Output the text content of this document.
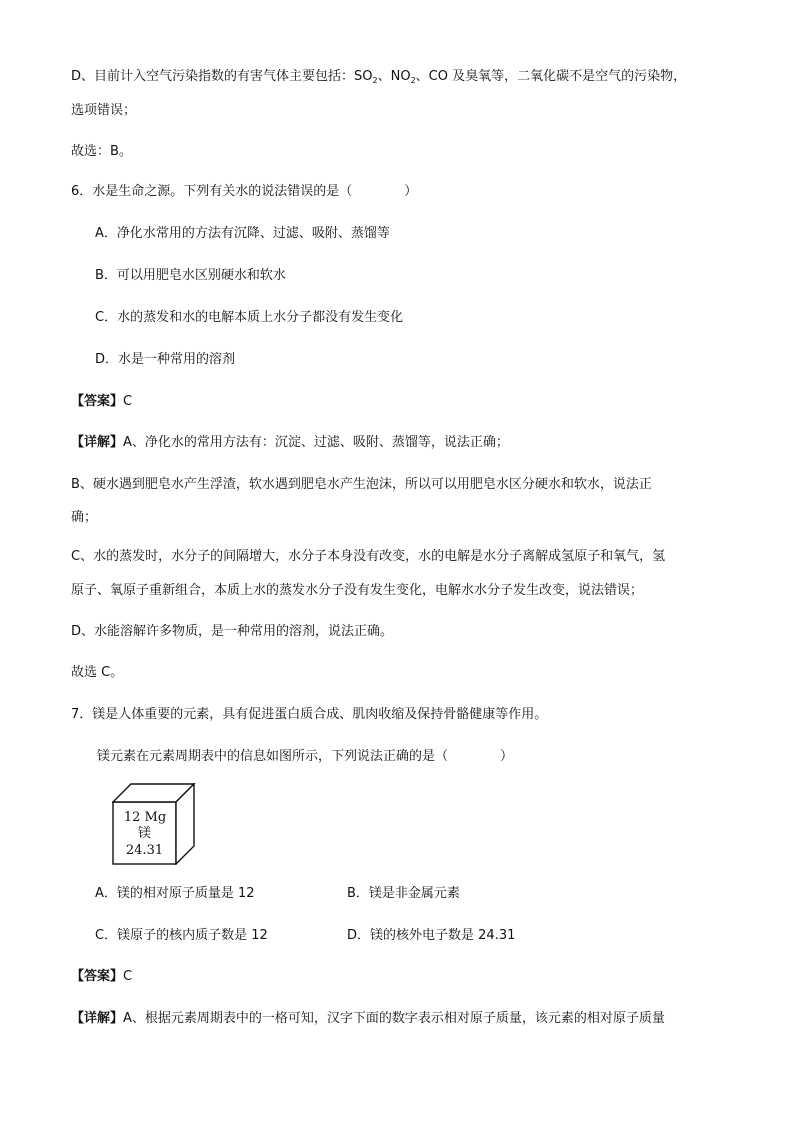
D、目前计入空气污染指数的有害气体主要包括：$SO_2$、$NO_2$、CO 及臭氧等，二氧化碳不是空气的污染物，
选项错误；
故选：B。
6．水是生命之源。下列有关水的说法错误的是（　　　　）
A．净化水常用的方法有沉降、过滤、吸附、蒸馏等
B．可以用肥皂水区别硬水和软水
C．水的蒸发和水的电解本质上水分子都没有发生变化
D．水是一种常用的溶剂
【答案】C
【详解】A、净化水的常用方法有：沉淀、过滤、吸附、蒸馏等，说法正确；
B、硬水遇到肥皂水产生浮渣，软水遇到肥皂水产生泡沫，所以可以用肥皂水区分硬水和软水，说法正
确；
C、水的蒸发时，水分子的间隔增大，水分子本身没有改变，水的电解是水分子离解成氢原子和氧气，氢
原子、氧原子重新组合，本质上水的蒸发水分子没有发生变化，电解水水分子发生改变，说法错误；
D、水能溶解许多物质，是一种常用的溶剂，说法正确。
故选 C。
7．镁是人体重要的元素，具有促进蛋白质合成、肌肉收缩及保持骨骼健康等作用。
镁元素在元素周期表中的信息如图所示，下列说法正确的是（　　　　）
12 Mg
镁
24.31
A．镁的相对原子质量是 12	B．镁是非金属元素
C．镁原子的核内质子数是 12	D．镁的核外电子数是 24.31
【答案】C
【详解】A、根据元素周期表中的一格可知，汉字下面的数字表示相对原子质量，该元素的相对原子质量
